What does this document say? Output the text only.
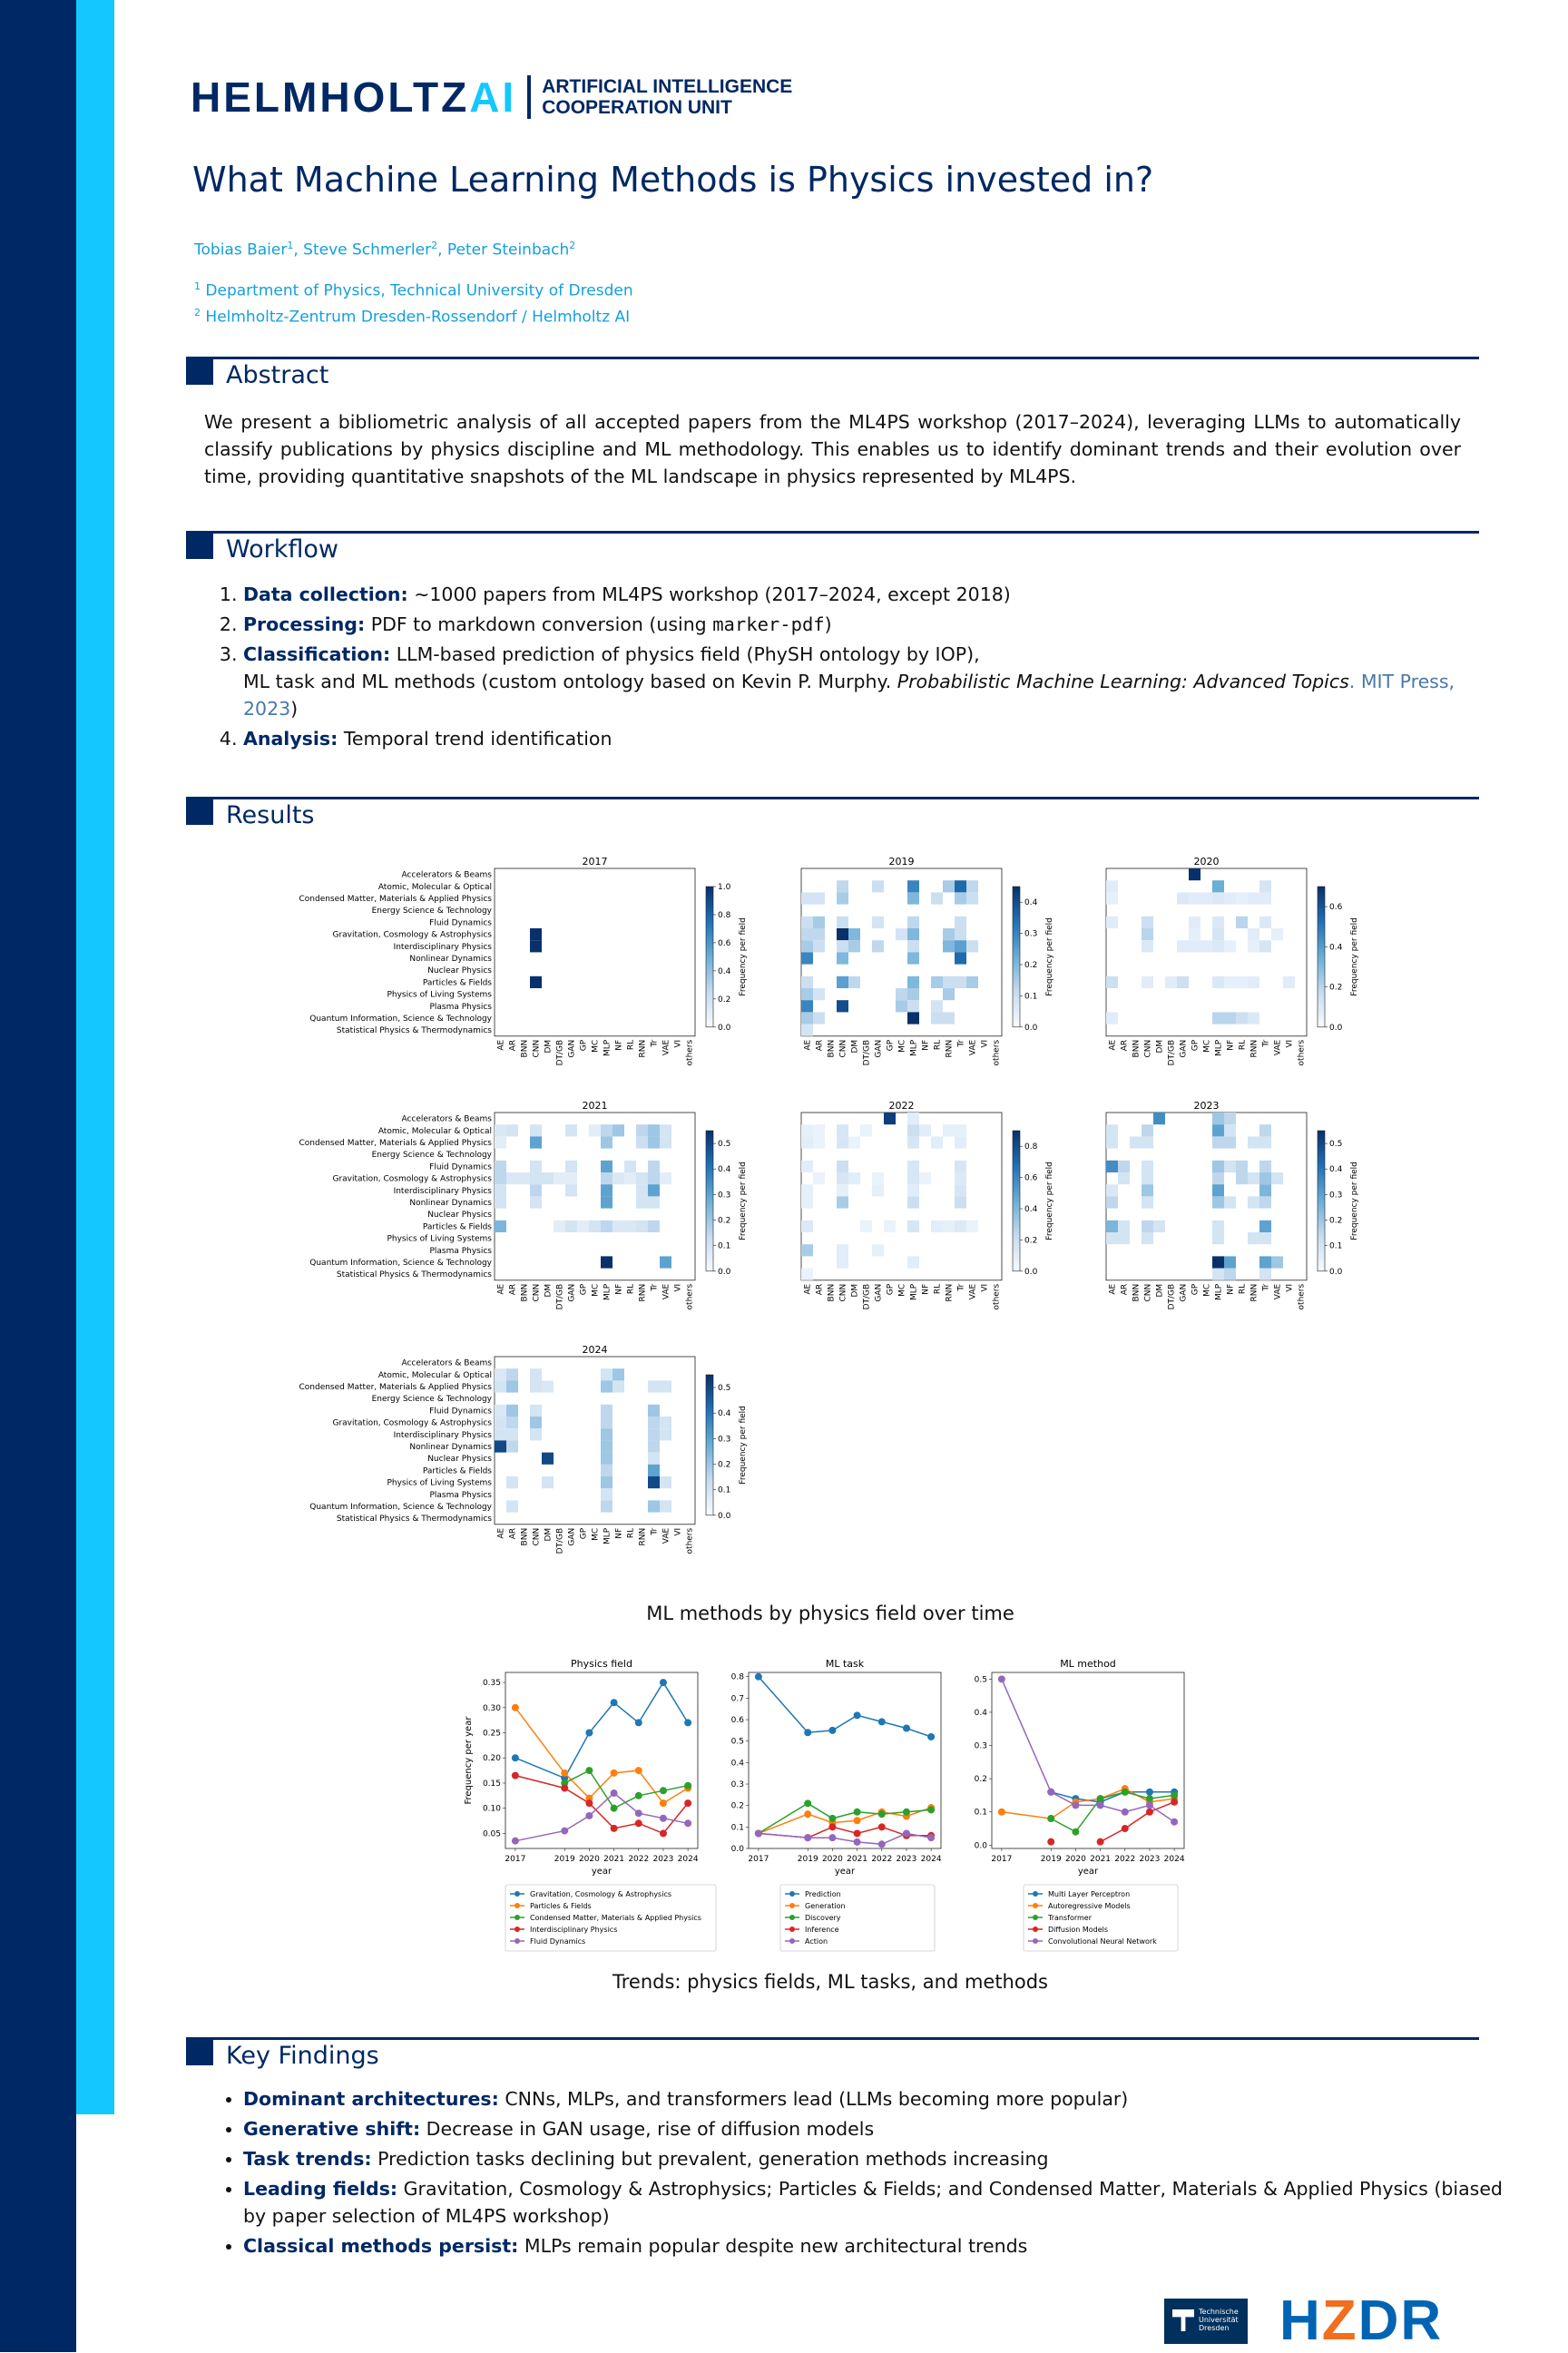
HELMHOLTZAI ARTIFICIAL INTELLIGENCE
COOPERATION UNIT
What Machine Learning Methods is Physics invested in?
Tobias Baier$^1$, Steve Schmerler$^2$, Peter Steinbach$^2$
$^1$ Department of Physics, Technical University of Dresden
$^2$ Helmholtz-Zentrum Dresden-Rossendorf / Helmholtz AI
Abstract
We present a bibliometric analysis of all accepted papers from the ML4PS workshop (2017–2024), leveraging LLMs to automatically classify publications by physics discipline and ML methodology. This enables us to identify dominant trends and their evolution over time, providing quantitative snapshots of the ML landscape in physics represented by ML4PS.
Workflow
1. Data collection: ∼1000 papers from ML4PS workshop (2017–2024, except 2018)
2. Processing: PDF to markdown conversion (using marker-pdf)
3. Classification: LLM-based prediction of physics field (PhySH ontology by IOP),
ML task and ML methods (custom ontology based on Kevin P. Murphy. Probabilistic Machine Learning: Advanced Topics. MIT Press, 2023)
4. Analysis: Temporal trend identification
Results
2017
Accelerators & Beams
Atomic, Molecular & Optical
Condensed Matter, Materials & Applied Physics
Energy Science & Technology
Fluid Dynamics
Gravitation, Cosmology & Astrophysics
Interdisciplinary Physics
Nonlinear Dynamics
Nuclear Physics
Particles & Fields
Physics of Living Systems
Plasma Physics
Quantum Information, Science & Technology
Statistical Physics & Thermodynamics
AE AR BNN CNN DM DT/GB GAN GP MC MLP NF RL RNN Tr VAE VI others
0.0
0.2
0.4
0.6
0.8
1.0
Frequency per field
2019
AE AR BNN CNN DM DT/GB GAN GP MC MLP NF RL RNN Tr VAE VI others
0.0
0.1
0.2
0.3
0.4
Frequency per field
2020
AE AR BNN CNN DM DT/GB GAN GP MC MLP NF RL RNN Tr VAE VI others
0.0
0.2
0.4
0.6
Frequency per field
2021
Accelerators & Beams
Atomic, Molecular & Optical
Condensed Matter, Materials & Applied Physics
Energy Science & Technology
Fluid Dynamics
Gravitation, Cosmology & Astrophysics
Interdisciplinary Physics
Nonlinear Dynamics
Nuclear Physics
Particles & Fields
Physics of Living Systems
Plasma Physics
Quantum Information, Science & Technology
Statistical Physics & Thermodynamics
AE AR BNN CNN DM DT/GB GAN GP MC MLP NF RL RNN Tr VAE VI others
0.0
0.1
0.2
0.3
0.4
0.5
Frequency per field
2022
AE AR BNN CNN DM DT/GB GAN GP MC MLP NF RL RNN Tr VAE VI others
0.0
0.2
0.4
0.6
0.8
Frequency per field
2023
AE AR BNN CNN DM DT/GB GAN GP MC MLP NF RL RNN Tr VAE VI others
0.0
0.1
0.2
0.3
0.4
0.5
Frequency per field
2024
Accelerators & Beams
Atomic, Molecular & Optical
Condensed Matter, Materials & Applied Physics
Energy Science & Technology
Fluid Dynamics
Gravitation, Cosmology & Astrophysics
Interdisciplinary Physics
Nonlinear Dynamics
Nuclear Physics
Particles & Fields
Physics of Living Systems
Plasma Physics
Quantum Information, Science & Technology
Statistical Physics & Thermodynamics
AE AR BNN CNN DM DT/GB GAN GP MC MLP NF RL RNN Tr VAE VI others
0.0
0.1
0.2
0.3
0.4
0.5
Frequency per field
ML methods by physics field over time
Physics field
0.05
0.10
0.15
0.20
0.25
0.30
0.35
2017	2019 2020 2021 2022 2023 2024
year
Frequency per year
Gravitation, Cosmology & Astrophysics
Particles & Fields
Condensed Matter, Materials & Applied Physics
Interdisciplinary Physics
Fluid Dynamics
ML task
0.0
0.1
0.2
0.3
0.4
0.5
0.6
0.7
0.8
2017	2019 2020 2021 2022 2023 2024
year
Prediction
Generation
Discovery
Inference
Action
ML method
0.0
0.1
0.2
0.3
0.4
0.5
2017	2019 2020 2021 2022 2023 2024
year
Multi Layer Perceptron
Autoregressive Models
Transformer
Diffusion Models
Convolutional Neural Network
Trends: physics fields, ML tasks, and methods
Key Findings
• Dominant architectures: CNNs, MLPs, and transformers lead (LLMs becoming more popular)
• Generative shift: Decrease in GAN usage, rise of diffusion models
• Task trends: Prediction tasks declining but prevalent, generation methods increasing
• Leading fields: Gravitation, Cosmology & Astrophysics; Particles & Fields; and Condensed Matter, Materials & Applied Physics (biased by paper selection of ML4PS workshop)
• Classical methods persist: MLPs remain popular despite new architectural trends
Technische
Universität
Dresden HZDR
